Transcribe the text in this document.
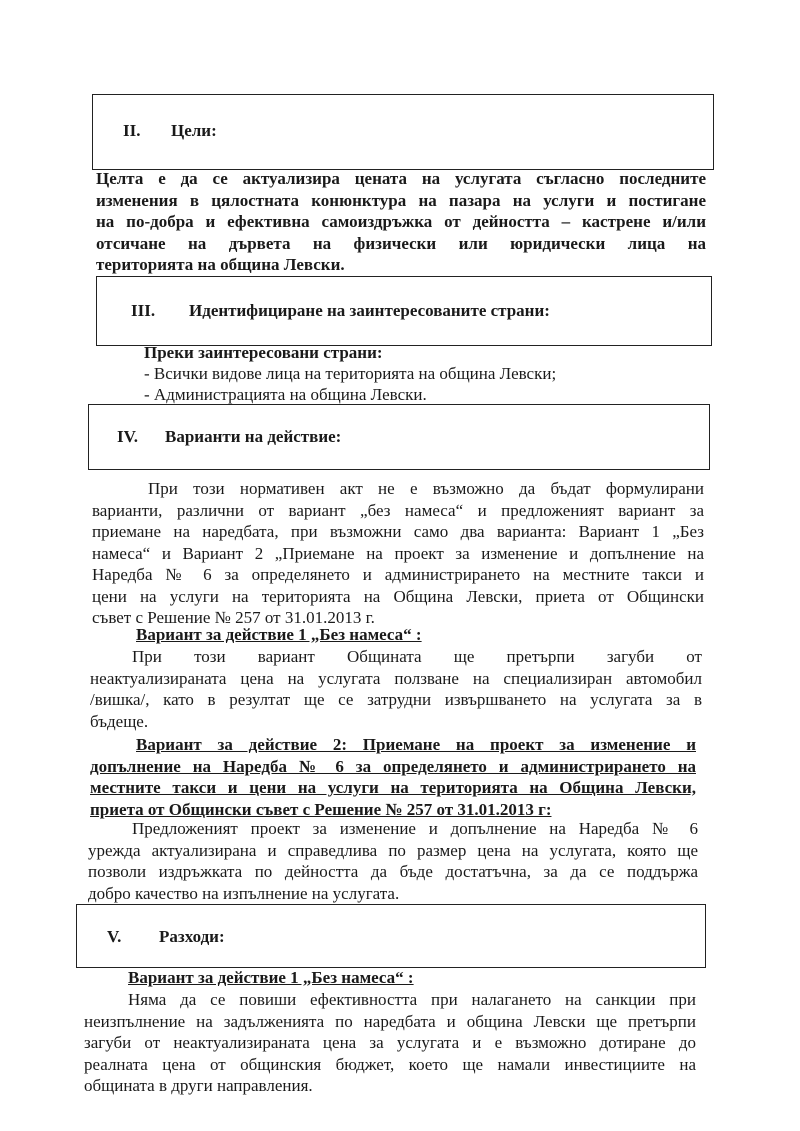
II. Цели:
Целта е да се актуализира цената на услугата съгласно последните
изменения в цялостната конюнктура на пазара на услуги и постигане
на по-добра и ефективна самоиздръжка от дейността – кастрене и/или
отсичане на дървета на физически или юридически лица на
територията на община Левски.
III. Идентифициране на заинтересованите страни:
Преки заинтересовани страни:
- Всички видове лица на територията на община Левски;
- Администрацията на община Левски.
IV. Варианти на действие:
При този нормативен акт не е възможно да бъдат формулирани
варианти, различни от вариант „без намеса“ и предложеният вариант за
приемане на наредбата, при възможни само два варианта: Вариант 1 „Без
намеса“ и Вариант 2 „Приемане на проект за изменение и допълнение на
Наредба № 6 за определянето и администрирането на местните такси и
цени на услуги на територията на Община Левски, приета от Общински
съвет с Решение № 257 от 31.01.2013 г.
Вариант за действие 1 „Без намеса“ :
При този вариант Общината ще претърпи загуби от
неактуализираната цена на услугата ползване на специализиран автомобил
/вишка/, като в резултат ще се затрудни извършването на услугата за в
бъдеще.
Вариант за действие 2: Приемане на проект за изменение и
допълнение на Наредба № 6 за определянето и администрирането на
местните такси и цени на услуги на територията на Община Левски,
приета от Общински съвет с Решение № 257 от 31.01.2013 г:
Предложеният проект за изменение и допълнение на Наредба № 6
урежда актуализирана и справедлива по размер цена на услугата, която ще
позволи издръжката по дейността да бъде достатъчна, за да се поддържа
добро качество на изпълнение на услугата.
V. Разходи:
Вариант за действие 1 „Без намеса“ :
Няма да се повиши ефективността при налагането на санкции при
неизпълнение на задълженията по наредбата и община Левски ще претърпи
загуби от неактуализираната цена за услугата и е възможно дотиране до
реалната цена от общинския бюджет, което ще намали инвестициите на
общината в други направления.
